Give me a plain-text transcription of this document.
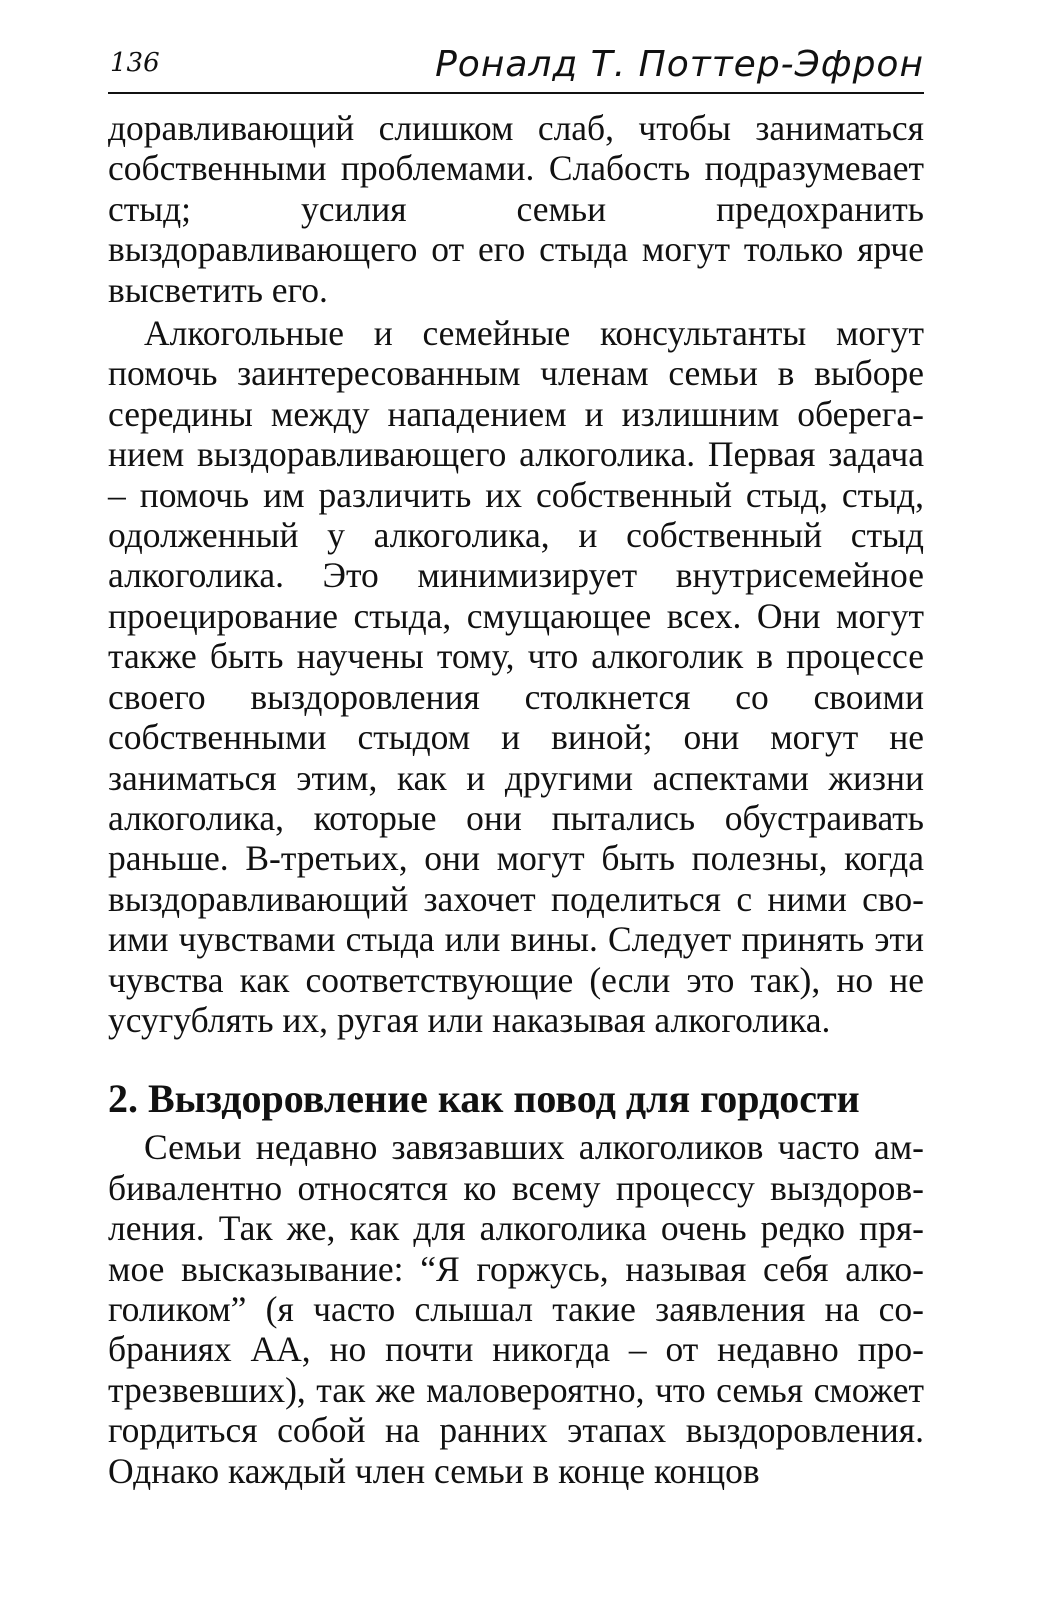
136	Роналд Т. Поттер-Эфрон

доравливающий слишком слаб, чтобы заниматься собственными проблемами. Слабость подразумевает стыд; усилия семьи предохранить выздоравливающего от его стыда могут только ярче высветить его.

Алкогольные и семейные консультанты могут помочь заинтересованным членам семьи в выборе середины между нападением и излишним обереганием выздоравливающего алкоголика. Первая задача – помочь им различить их собственный стыд, стыд, одолженный у алкоголика, и собственный стыд алкоголика. Это минимизирует внутрисемейное проецирование стыда, смущающее всех. Они могут также быть научены тому, что алкоголик в процессе своего выздоровления столкнется со своими собственными стыдом и виной; они могут не заниматься этим, как и другими аспектами жизни алкоголика, которые они пытались обустраивать раньше. В-третьих, они могут быть полезны, когда выздоравливающий захочет поделиться с ними своими чувствами стыда или вины. Следует принять эти чувства как соответствующие (если это так), но не усугублять их, ругая или наказывая алкоголика.

2. Выздоровление как повод для гордости

Семьи недавно завязавших алкоголиков часто амбивалентно относятся ко всему процессу выздоровления. Так же, как для алкоголика очень редко прямое высказывание: “Я горжусь, называя себя алкоголиком” (я часто слышал такие заявления на собраниях АА, но почти никогда – от недавно протрезвевших), так же маловероятно, что семья сможет гордиться собой на ранних этапах выздоровления. Однако каждый член семьи в конце концов
